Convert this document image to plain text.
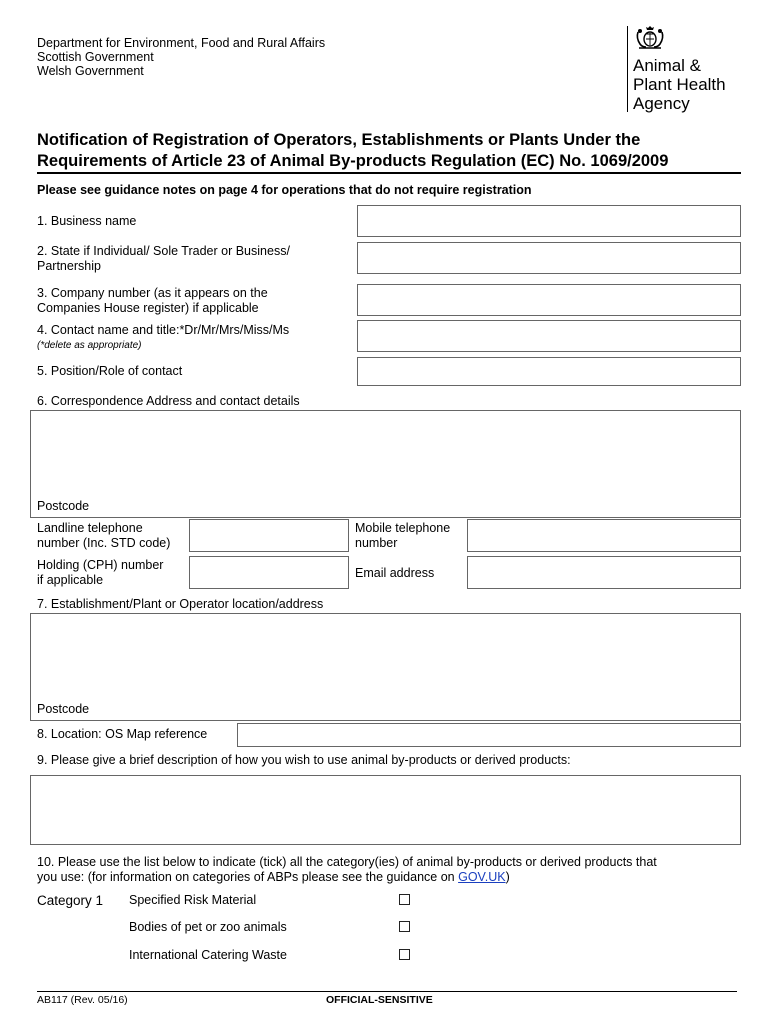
Department for Environment, Food and Rural Affairs
Scottish Government
Welsh Government	Animal &
Plant Health
Agency
Notification of Registration of Operators, Establishments or Plants Under the
Requirements of Article 23 of Animal By-products Regulation (EC) No. 1069/2009
Please see guidance notes on page 4 for operations that do not require registration
1. Business name
2. State if Individual/ Sole Trader or Business/
Partnership
3. Company number (as it appears on the
Companies House register) if applicable
4. Contact name and title:*Dr/Mr/Mrs/Miss/Ms
(*delete as appropriate)
5. Position/Role of contact
6. Correspondence Address and contact details
Postcode
Landline telephone
number (Inc. STD code)
Mobile telephone
number
Holding (CPH) number
if applicable	Email address
7. Establishment/Plant or Operator location/address
Postcode
8. Location: OS Map reference
9. Please give a brief description of how you wish to use animal by-products or derived products:
10. Please use the list below to indicate (tick) all the category(ies) of animal by-products or derived products that
you use: (for information on categories of ABPs please see the guidance on GOV.UK)
Category 1 Specified Risk Material
Bodies of pet or zoo animals
International Catering Waste
AB117 (Rev. 05/16)	OFFICIAL-SENSITIVE
